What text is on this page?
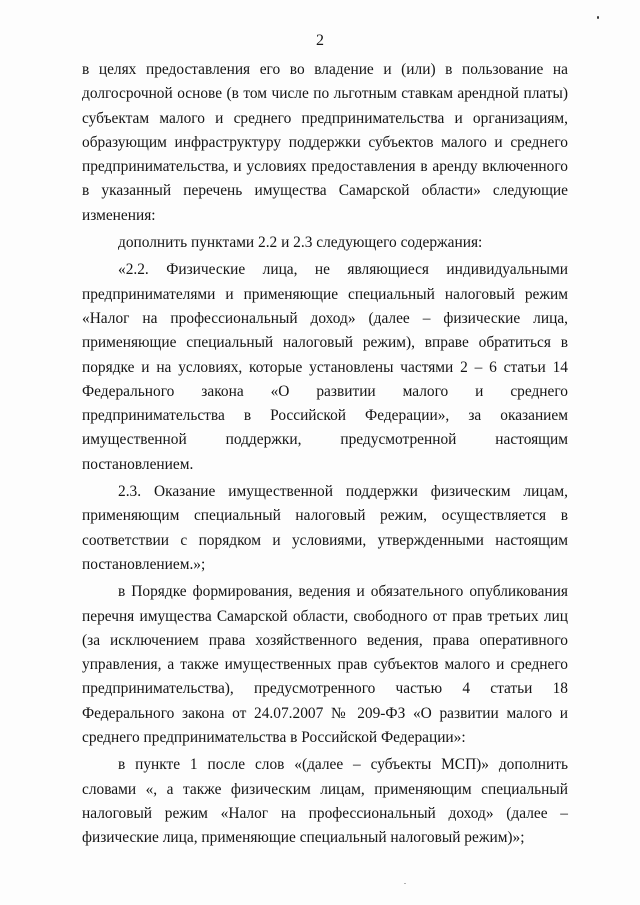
2

в целях предоставления его во владение и (или) в пользование на долгосрочной основе (в том числе по льготным ставкам арендной платы) субъектам малого и среднего предпринимательства и организациям, образующим инфраструктуру поддержки субъектов малого и среднего предпринимательства, и условиях предоставления в аренду включенного в указанный перечень имущества Самарской области» следующие изменения:

дополнить пунктами 2.2 и 2.3 следующего содержания:

«2.2. Физические лица, не являющиеся индивидуальными предпринимателями и применяющие специальный налоговый режим «Налог на профессиональный доход» (далее – физические лица, применяющие специальный налоговый режим), вправе обратиться в порядке и на условиях, которые установлены частями 2 – 6 статьи 14 Федерального закона «О развитии малого и среднего предпринимательства в Российской Федерации», за оказанием имущественной поддержки, предусмотренной настоящим постановлением.

2.3. Оказание имущественной поддержки физическим лицам, применяющим специальный налоговый режим, осуществляется в соответствии с порядком и условиями, утвержденными настоящим постановлением.»;

в Порядке формирования, ведения и обязательного опубликования перечня имущества Самарской области, свободного от прав третьих лиц (за исключением права хозяйственного ведения, права оперативного управления, а также имущественных прав субъектов малого и среднего предпринимательства), предусмотренного частью 4 статьи 18 Федерального закона от 24.07.2007 № 209-ФЗ «О развитии малого и среднего предпринимательства в Российской Федерации»:

в пункте 1 после слов «(далее – субъекты МСП)» дополнить словами «, а также физическим лицам, применяющим специальный налоговый режим «Налог на профессиональный доход» (далее – физические лица, применяющие специальный налоговый режим)»;
